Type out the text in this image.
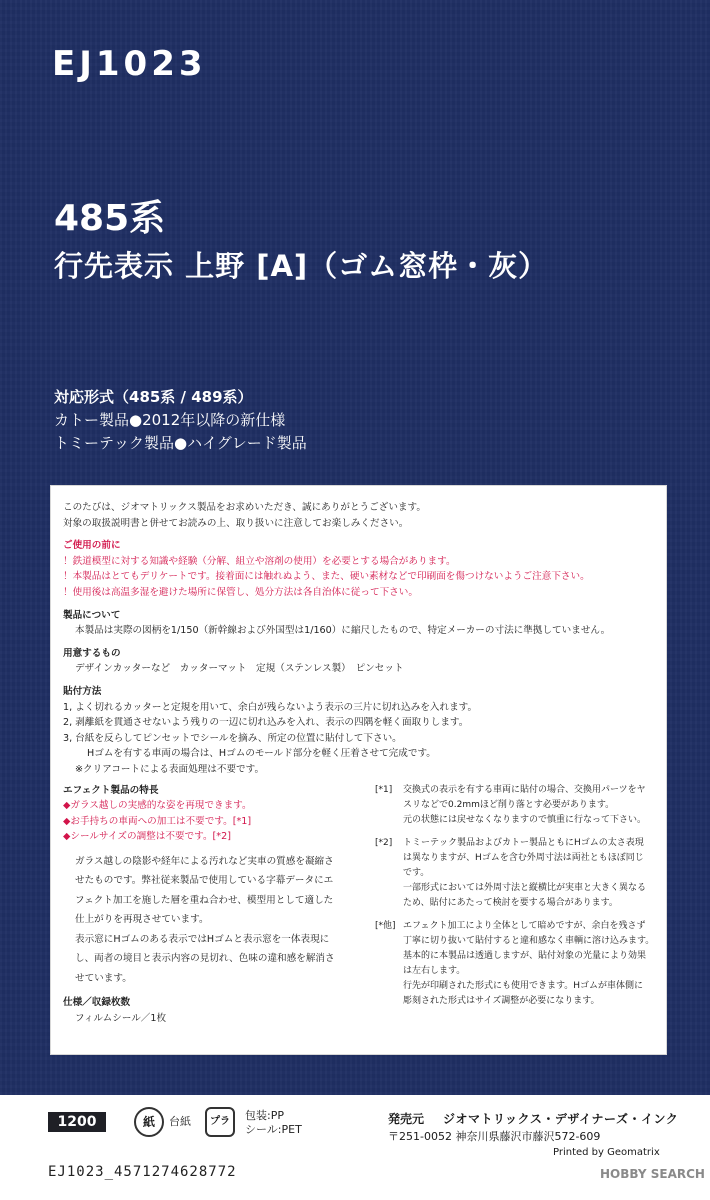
EJ1023
485系
行先表示 上野 [A]（ゴム窓枠・灰）
対応形式（485系 / 489系）
カトー製品●2012年以降の新仕様
トミーテック製品●ハイグレード製品

このたびは、ジオマトリックス製品をお求めいただき、誠にありがとうございます。

対象の取扱説明書と併せてお読みの上、取り扱いに注意してお楽しみください。

ご使用の前に

！鉄道模型に対する知識や経験（分解、組立や溶剤の使用）を必要とする場合があります。

！本製品はとてもデリケートです。接着面には触れぬよう、また、硬い素材などで印刷面を傷つけないようご注意下さい。

！使用後は高温多湿を避けた場所に保管し、処分方法は各自治体に従って下さい。

製品について

本製品は実際の図柄を1/150（新幹線および外国型は1/160）に縮尺したもので、特定メーカーの寸法に準拠していません。

用意するもの

デザインカッターなど　カッターマット　定規（ステンレス製）　ピンセット

貼付方法

1, よく切れるカッターと定規を用いて、余白が残らないよう表示の三片に切れ込みを入れます。

2, 剥離紙を貫通させないよう残りの一辺に切れ込みを入れ、表示の四隅を軽く面取りします。

3, 台紙を反らしてピンセットでシールを摘み、所定の位置に貼付して下さい。

Hゴムを有する車両の場合は、Hゴムのモールド部分を軽く圧着させて完成です。

※クリアコートによる表面処理は不要です。

エフェクト製品の特長

◆ガラス越しの実感的な姿を再現できます。

◆お手持ちの車両への加工は不要です。[*1]

◆シールサイズの調整は不要です。[*2]

ガラス越しの陰影や経年による汚れなど実車の質感を凝縮さ

せたものです。弊社従来製品で使用している字幕データにエ

フェクト加工を施した層を重ね合わせ、模型用として適した

仕上がりを再現させています。

表示窓にHゴムのある表示ではHゴムと表示窓を一体表現に

し、両者の境目と表示内容の見切れ、色味の違和感を解消さ

せています。

仕様／収録枚数

フィルムシール／1枚

[*1]	交換式の表示を有する車両に貼付の場合、交換用パーツをヤ

スリなどで0.2mmほど削り落とす必要があります。

元の状態には戻せなくなりますので慎重に行なって下さい。

[*2]	トミーテック製品およびカトー製品ともにHゴムの太さ表現

は異なりますが、Hゴムを含む外周寸法は両社ともほぼ同じ

です。

一部形式においては外周寸法と縦横比が実車と大きく異なる

ため、貼付にあたって検討を要する場合があります。

[*他] エフェクト加工により全体として暗めですが、余白を残さず

丁寧に切り抜いて貼付すると違和感なく車輌に溶け込みます。

基本的に本製品は透過しますが、貼付対象の光量により効果

は左右します。

行先が印刷された形式にも使用できます。Hゴムが車体側に

彫刻された形式はサイズ調整が必要になります。

1200	紙	台紙	プラ	包装:PP
シール:PET
発売元 ジオマトリックス・デザイナーズ・インク
〒251-0052 神奈川県藤沢市藤沢572-609
Printed by Geomatrix
EJ1023_4571274628772	HOBBY SEARCH
